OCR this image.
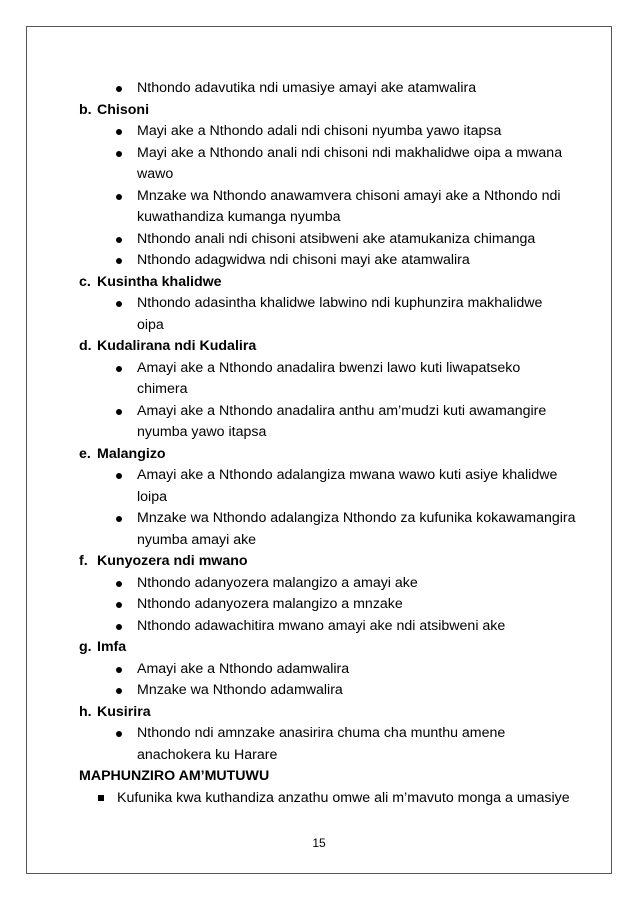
Nthondo adavutika ndi umasiye amayi ake atamwalira
b. Chisoni
Mayi ake a Nthondo adali ndi chisoni nyumba yawo itapsa
Mayi ake a Nthondo anali ndi chisoni ndi makhalidwe oipa a mwana
wawo
Mnzake wa Nthondo anawamvera chisoni amayi ake a Nthondo ndi
kuwathandiza kumanga nyumba
Nthondo anali ndi chisoni atsibweni ake atamukaniza chimanga
Nthondo adagwidwa ndi chisoni mayi ake atamwalira
c. Kusintha khalidwe
Nthondo adasintha khalidwe labwino ndi kuphunzira makhalidwe
oipa
d. Kudalirana ndi Kudalira
Amayi ake a Nthondo anadalira bwenzi lawo kuti liwapatseko
chimera
Amayi ake a Nthondo anadalira anthu am’mudzi kuti awamangire
nyumba yawo itapsa
e. Malangizo
Amayi ake a Nthondo adalangiza mwana wawo kuti asiye khalidwe
loipa
Mnzake wa Nthondo adalangiza Nthondo za kufunika kokawamangira
nyumba amayi ake
f. Kunyozera ndi mwano
Nthondo adanyozera malangizo a amayi ake
Nthondo adanyozera malangizo a mnzake
Nthondo adawachitira mwano amayi ake ndi atsibweni ake
g. Imfa
Amayi ake a Nthondo adamwalira
Mnzake wa Nthondo adamwalira
h. Kusirira
Nthondo ndi amnzake anasirira chuma cha munthu amene
anachokera ku Harare
MAPHUNZIRO AM’MUTUWU
Kufunika kwa kuthandiza anzathu omwe ali m’mavuto monga a umasiye
15
